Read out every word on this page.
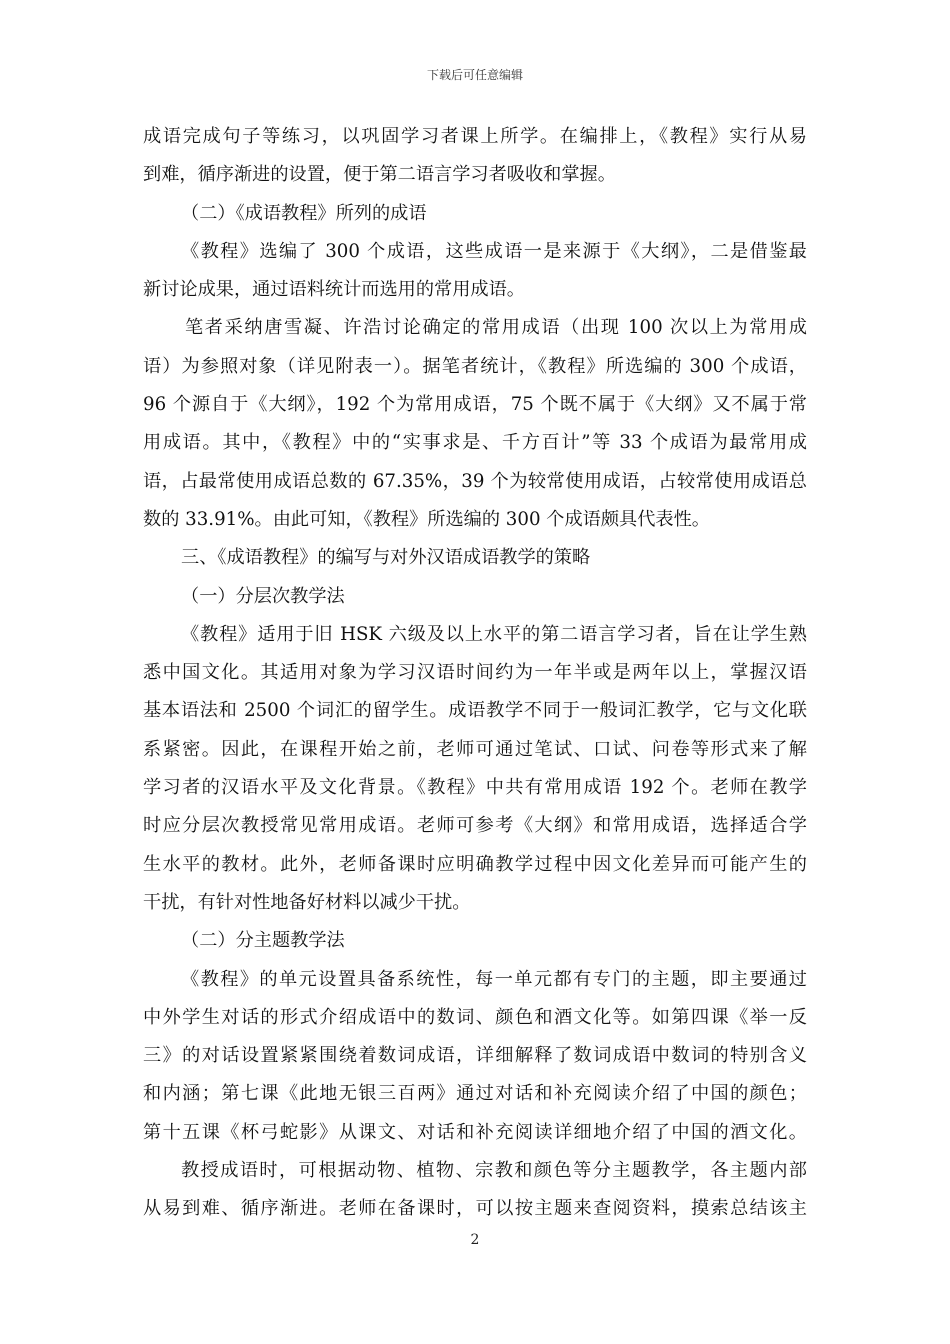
下载后可任意编辑

成语完成句子等练习，以巩固学习者课上所学。在编排上，《教程》实行从易

到难，循序渐进的设置，便于第二语言学习者吸收和掌握。

（二）《成语教程》所列的成语

《教程》选编了 300 个成语，这些成语一是来源于《大纲》，二是借鉴最

新讨论成果，通过语料统计而选用的常用成语。

笔者采纳唐雪凝、许浩讨论确定的常用成语（出现 100 次以上为常用成

语）为参照对象（详见附表一）。据笔者统计，《教程》所选编的 300 个成语，

96 个源自于《大纲》，192 个为常用成语，75 个既不属于《大纲》又不属于常

用成语。其中，《教程》中的“实事求是、千方百计”等 33 个成语为最常用成

语，占最常使用成语总数的 67.35%，39 个为较常使用成语，占较常使用成语总

数的 33.91%。由此可知，《教程》所选编的 300 个成语颇具代表性。

三、《成语教程》的编写与对外汉语成语教学的策略

（一）分层次教学法

《教程》适用于旧 HSK 六级及以上水平的第二语言学习者，旨在让学生熟

悉中国文化。其适用对象为学习汉语时间约为一年半或是两年以上，掌握汉语

基本语法和 2500 个词汇的留学生。成语教学不同于一般词汇教学，它与文化联

系紧密。因此，在课程开始之前，老师可通过笔试、口试、问卷等形式来了解

学习者的汉语水平及文化背景。《教程》中共有常用成语 192 个。老师在教学

时应分层次教授常见常用成语。老师可参考《大纲》和常用成语，选择适合学

生水平的教材。此外，老师备课时应明确教学过程中因文化差异而可能产生的

干扰，有针对性地备好材料以减少干扰。

（二）分主题教学法

《教程》的单元设置具备系统性，每一单元都有专门的主题，即主要通过

中外学生对话的形式介绍成语中的数词、颜色和酒文化等。如第四课《举一反

三》的对话设置紧紧围绕着数词成语，详细解释了数词成语中数词的特别含义

和内涵；第七课《此地无银三百两》通过对话和补充阅读介绍了中国的颜色；

第十五课《杯弓蛇影》从课文、对话和补充阅读详细地介绍了中国的酒文化。

教授成语时，可根据动物、植物、宗教和颜色等分主题教学，各主题内部

从易到难、循序渐进。老师在备课时，可以按主题来查阅资料，摸索总结该主

2
